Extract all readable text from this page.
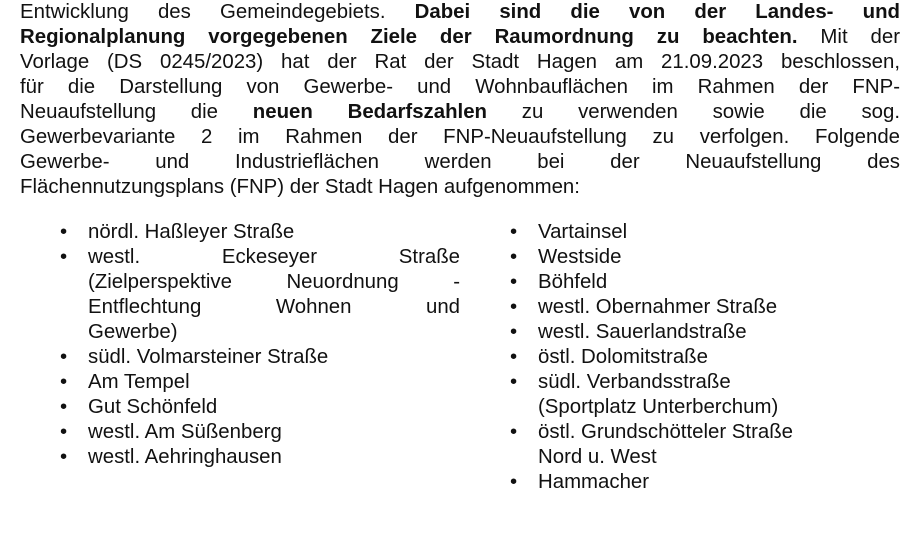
Entwicklung des Gemeindegebiets. Dabei sind die von der Landes- und
Regionalplanung vorgegebenen Ziele der Raumordnung zu beachten. Mit der
Vorlage (DS 0245/2023) hat der Rat der Stadt Hagen am 21.09.2023 beschlossen,
für die Darstellung von Gewerbe- und Wohnbauflächen im Rahmen der FNP-
Neuaufstellung die neuen Bedarfszahlen zu verwenden sowie die sog.
Gewerbevariante 2 im Rahmen der FNP-Neuaufstellung zu verfolgen. Folgende
Gewerbe- und Industrieflächen werden bei der Neuaufstellung des
Flächennutzungsplans (FNP) der Stadt Hagen aufgenommen:
•	nördl. Haßleyer Straße
•	westl. Eckeseyer Straße
(Zielperspektive Neuordnung -
Entflechtung Wohnen und
Gewerbe)
•	südl. Volmarsteiner Straße
•	Am Tempel
•	Gut Schönfeld
•	westl. Am Süßenberg
•	westl. Aehringhausen
•	Vartainsel
•	Westside
•	Böhfeld
•	westl. Obernahmer Straße
•	westl. Sauerlandstraße
•	östl. Dolomitstraße
•	südl. Verbandsstraße
(Sportplatz Unterberchum)
•	östl. Grundschötteler Straße
Nord u. West
•	Hammacher
